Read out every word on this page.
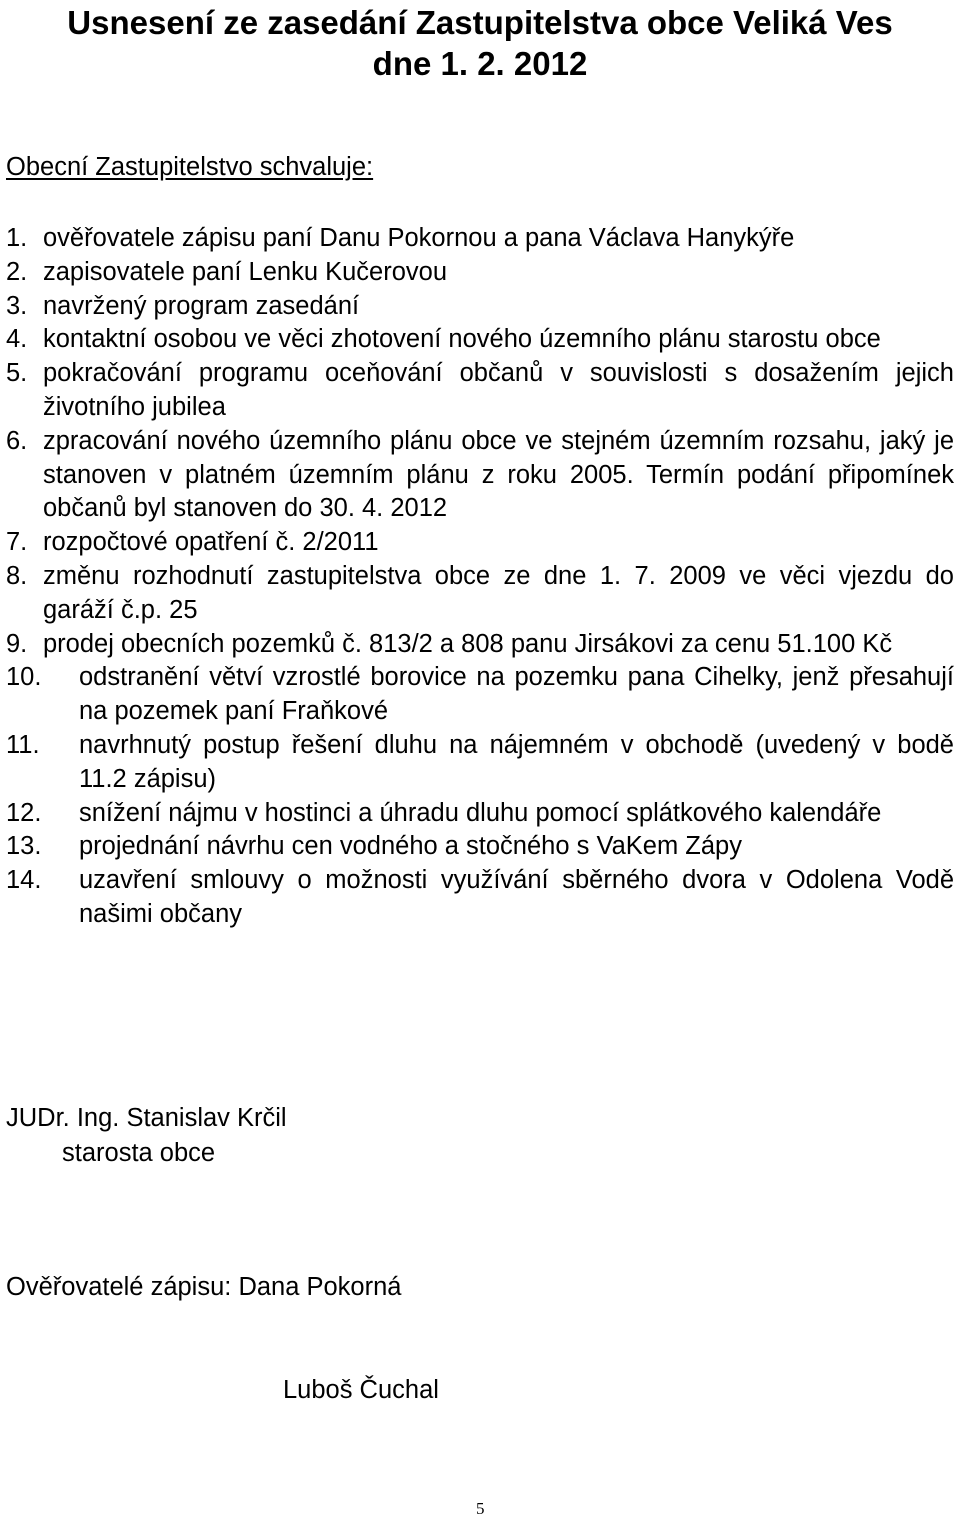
Usnesení ze zasedání Zastupitelstva obce Veliká Ves
dne 1. 2. 2012
Obecní Zastupitelstvo schvaluje:
1. ověřovatele zápisu paní Danu Pokornou a pana Václava Hanykýře
2. zapisovatele paní Lenku Kučerovou
3. navržený program zasedání
4. kontaktní osobou ve věci zhotovení nového územního plánu starostu obce
5. pokračování programu oceňování občanů v souvislosti s dosažením jejich životního jubilea
6. zpracování nového územního plánu obce ve stejném územním rozsahu, jaký je stanoven v platném územním plánu z roku 2005. Termín podání připomínek občanů byl stanoven do 30. 4. 2012
7. rozpočtové opatření č. 2/2011
8. změnu rozhodnutí zastupitelstva obce ze dne 1. 7. 2009 ve věci vjezdu do garáží č.p. 25
9. prodej obecních pozemků č. 813/2 a 808 panu Jirsákovi za cenu 51.100 Kč
10.	odstranění větví vzrostlé borovice na pozemku pana Cihelky, jenž přesahují na pozemek paní Fraňkové
11.	navrhnutý postup řešení dluhu na nájemném v obchodě (uvedený v bodě 11.2 zápisu)
12.	snížení nájmu v hostinci a úhradu dluhu pomocí splátkového kalendáře
13.	projednání návrhu cen vodného a stočného s VaKem Zápy
14.	uzavření smlouvy o možnosti využívání sběrného dvora v Odolena Vodě našimi občany
JUDr. Ing. Stanislav Krčil
starosta obce
Ověřovatelé zápisu: Dana Pokorná
Luboš Čuchal
5
